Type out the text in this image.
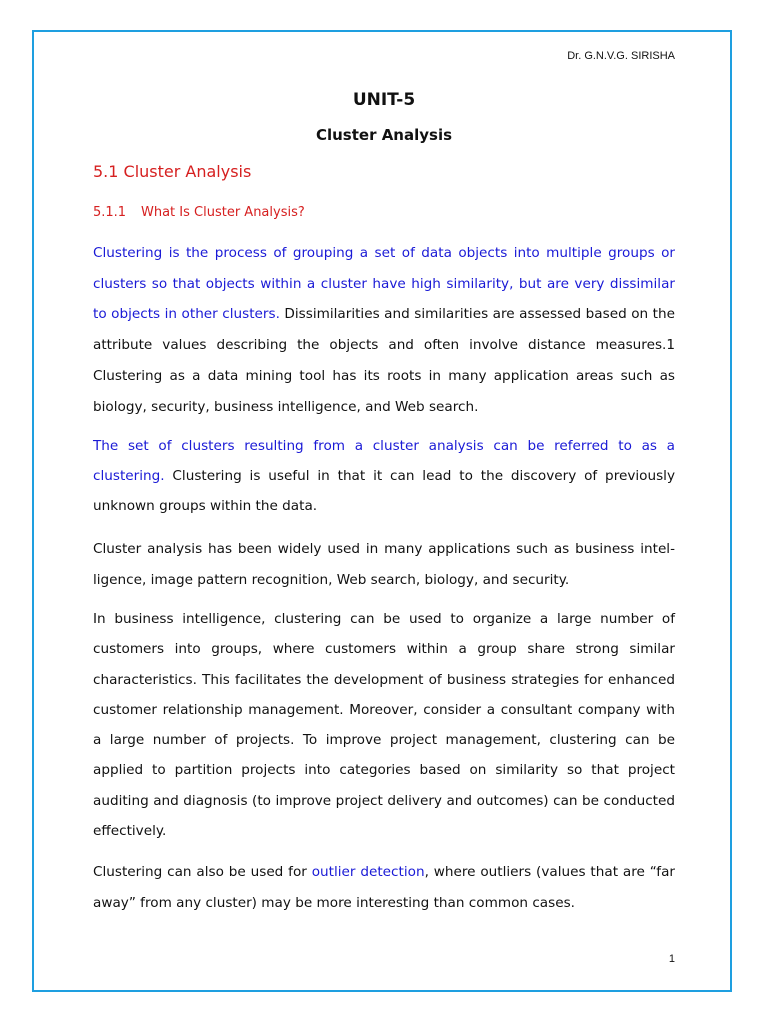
Dr. G.N.V.G. SIRISHA
UNIT-5
Cluster Analysis
5.1 Cluster Analysis
5.1.1 What Is Cluster Analysis?
Clustering is the process of grouping a set of data objects into multiple groups or clusters so that objects within a cluster have high similarity, but are very dissimilar to objects in other clusters. Dissimilarities and similarities are assessed based on the attribute values describing the objects and often involve distance measures.1 Clustering as a data mining tool has its roots in many application areas such as biology, security, business intelligence, and Web search.
The set of clusters resulting from a cluster analysis can be referred to as a clustering. Clustering is useful in that it can lead to the discovery of previously unknown groups within the data.
Cluster analysis has been widely used in many applications such as business intel-ligence, image pattern recognition, Web search, biology, and security.
In business intelligence, clustering can be used to organize a large number of customers into groups, where customers within a group share strong similar characteristics. This facilitates the development of business strategies for enhanced customer relationship management. Moreover, consider a consultant company with a large number of projects. To improve project management, clustering can be applied to partition projects into categories based on similarity so that project auditing and diagnosis (to improve project delivery and outcomes) can be conducted effectively.
Clustering can also be used for outlier detection, where outliers (values that are “far away” from any cluster) may be more interesting than common cases.
1
